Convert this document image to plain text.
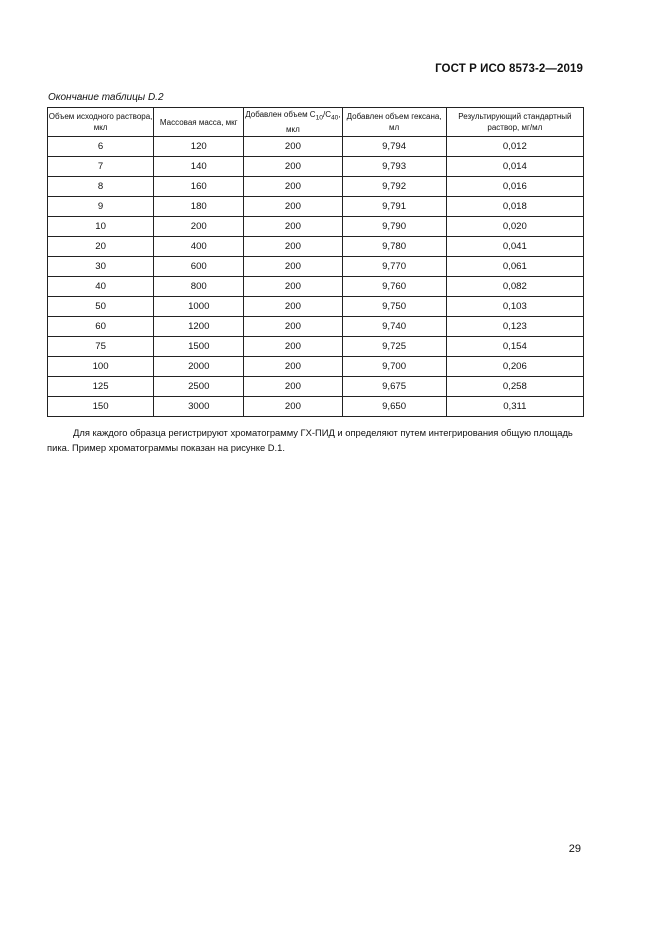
ГОСТ Р ИСО 8573-2—2019
Окончание таблицы D.2
Объем исходного раствора, мкл	Массовая масса, мкг	Добавлен объем $С_{10}/С_{40}$, мкл	Добавлен объем гексана, мл	Результирующий стандартный раствор, мг/мл
6	120	200	9,794	0,012
7	140	200	9,793	0,014
8	160	200	9,792	0,016
9	180	200	9,791	0,018
10	200	200	9,790	0,020
20	400	200	9,780	0,041
30	600	200	9,770	0,061
40	800	200	9,760	0,082
50	1000	200	9,750	0,103
60	1200	200	9,740	0,123
75	1500	200	9,725	0,154
100	2000	200	9,700	0,206
125	2500	200	9,675	0,258
150	3000	200	9,650	0,311

Для каждого образца регистрируют хроматограмму ГХ-ПИД и определяют путем интегрирования общую площадь пика. Пример хроматограммы показан на рисунке D.1.

29
